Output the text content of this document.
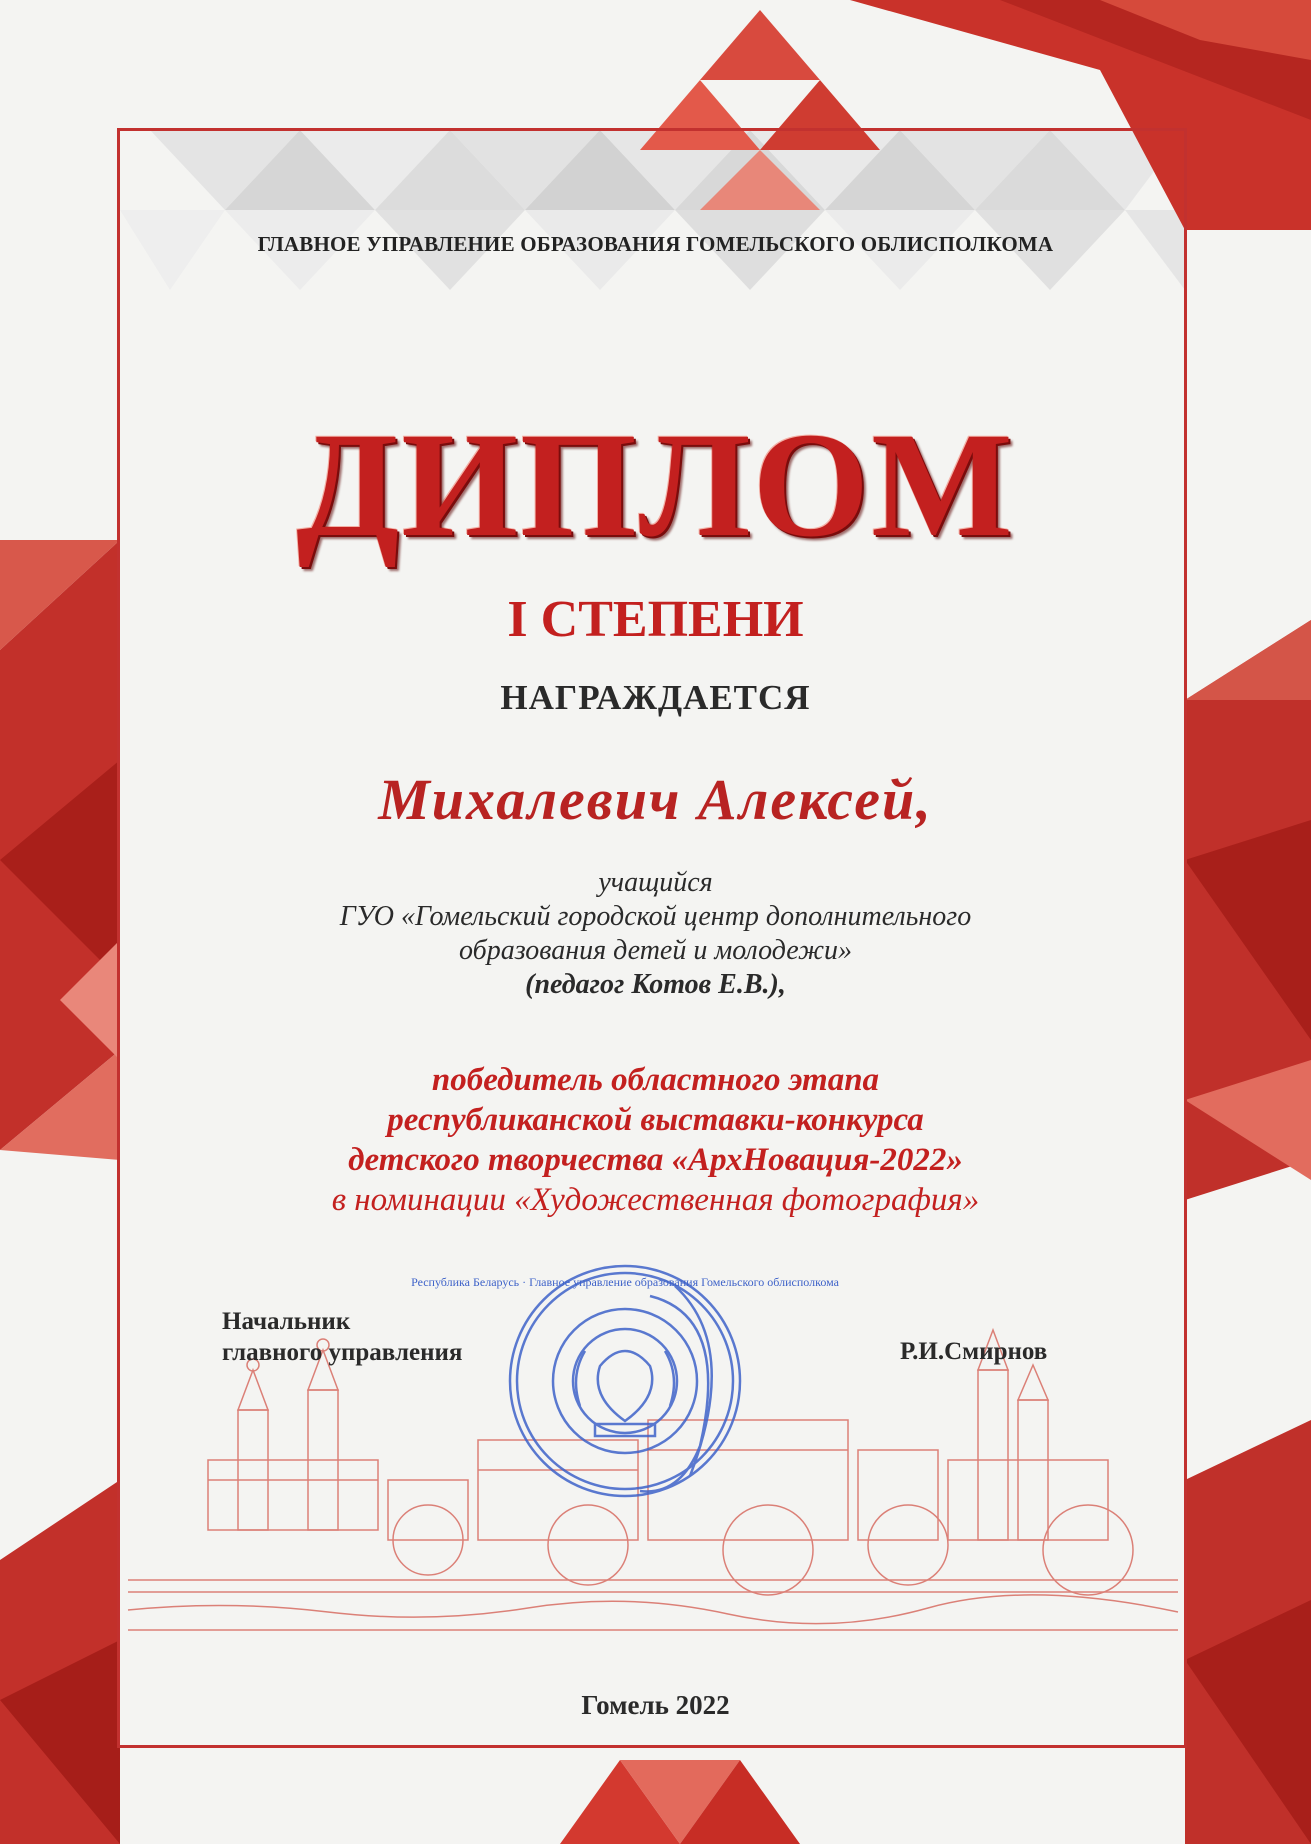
ГЛАВНОЕ УПРАВЛЕНИЕ ОБРАЗОВАНИЯ ГОМЕЛЬСКОГО ОБЛИСПОЛКОМА
ДИПЛОМ
I СТЕПЕНИ
НАГРАЖДАЕТСЯ
Михалевич Алексей,
учащийся
ГУО «Гомельский городской центр дополнительного
образования детей и молодежи»
(педагог Котов Е.В.),
победитель областного этапа
республиканской выставки-конкурса
детского творчества «АрхНовация-2022»
в номинации «Художественная фотография»
Республика Беларусь · Главное управление образования Гомельского облисполкома
Начальник
главного управления	Р.И.Смирнов
Гомель 2022
